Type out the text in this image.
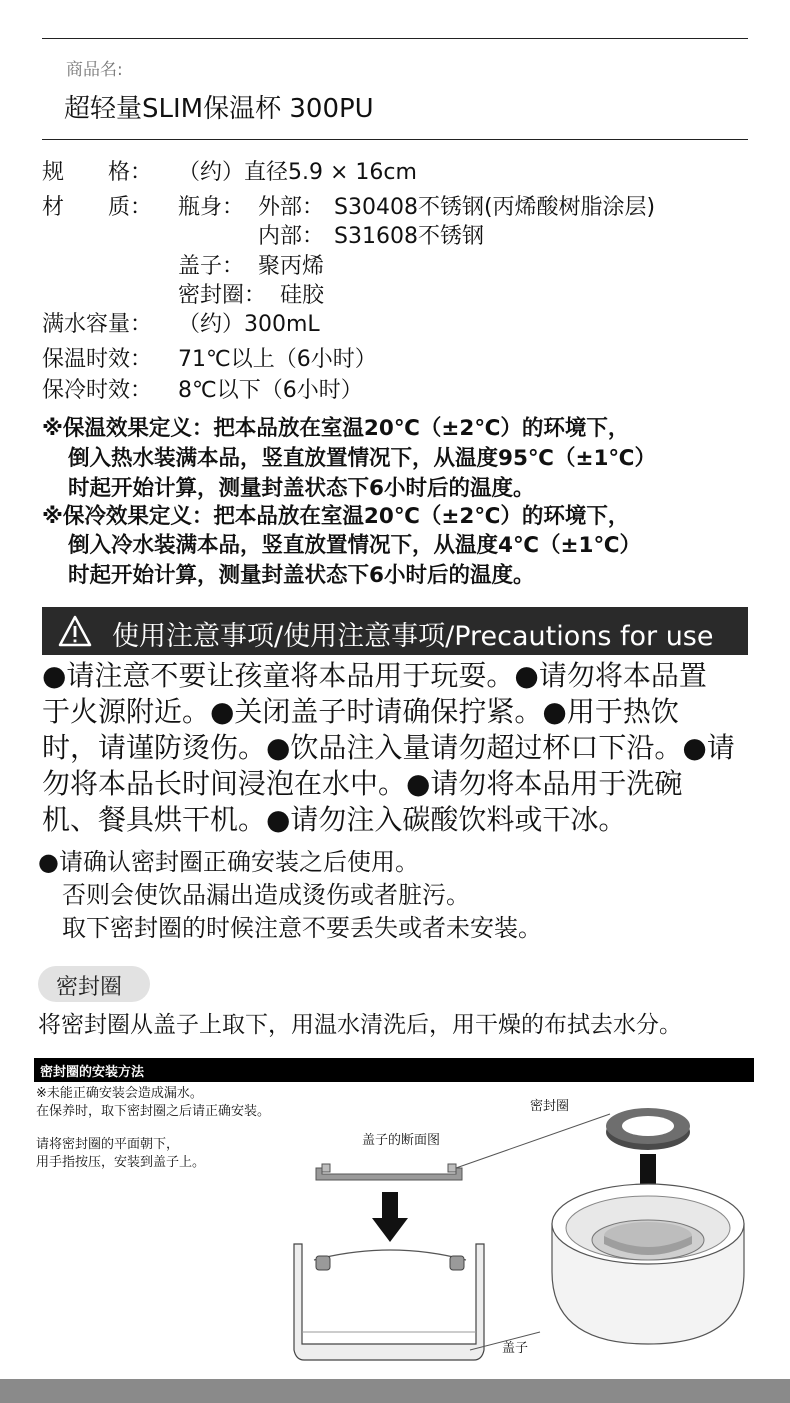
商品名:
超轻量SLIM保温杯 300PU
规　　格： （约）直径5.9 × 16cm
材　　质： 瓶身： 外部： S30408不锈钢(丙烯酸树脂涂层)
内部： S31608不锈钢
盖子： 聚丙烯
密封圈： 硅胶
满水容量： （约）300mL
保温时效： 71℃以上（6小时）
保冷时效： 8℃以下（6小时）
※保温效果定义：把本品放在室温20℃（±2℃）的环境下，
倒入热水装满本品，竖直放置情况下，从温度95℃（±1℃）
时起开始计算，测量封盖状态下6小时后的温度。
※保冷效果定义：把本品放在室温20℃（±2℃）的环境下，
倒入冷水装满本品，竖直放置情况下，从温度4℃（±1℃）
时起开始计算，测量封盖状态下6小时后的温度。
使用注意事项/使用注意事项/Precautions for use
●请注意不要让孩童将本品用于玩耍。●请勿将本品置
于火源附近。●关闭盖子时请确保拧紧。●用于热饮
时，请谨防烫伤。●饮品注入量请勿超过杯口下沿。●请
勿将本品长时间浸泡在水中。●请勿将本品用于洗碗
机、餐具烘干机。●请勿注入碳酸饮料或干冰。
●请确认密封圈正确安装之后使用。
否则会使饮品漏出造成烫伤或者脏污。
取下密封圈的时候注意不要丢失或者未安装。
密封圈
将密封圈从盖子上取下，用温水清洗后，用干燥的布拭去水分。
密封圈的安装方法
※未能正确安装会造成漏水。
在保养时，取下密封圈之后请正确安装。
请将密封圈的平面朝下，
用手指按压，安装到盖子上。
盖子的断面图
密封圈
盖子
